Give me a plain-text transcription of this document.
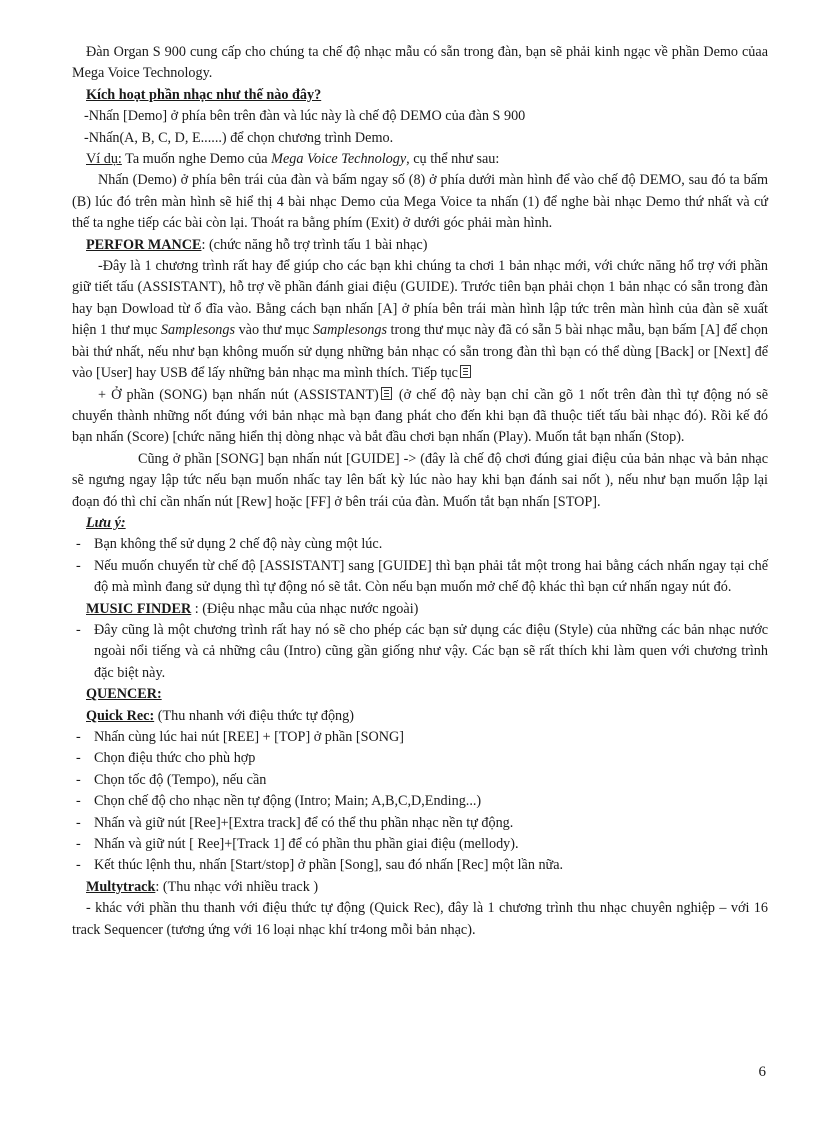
Đàn Organ S 900 cung cấp cho chúng ta chế độ nhạc mẫu có sẵn trong đàn, bạn sẽ phải kinh ngạc về phần Demo củaa Mega Voice Technology.

Kích hoạt phần nhạc như thế nào đây?

-Nhấn [Demo] ở phía bên trên đàn và lúc này là chế độ DEMO của đàn S 900

-Nhấn(A, B, C, D, E......) để chọn chương trình Demo.

Ví dụ: Ta muốn nghe Demo của Mega Voice Technology, cụ thể như sau:

Nhấn (Demo) ở phía bên trái của đàn và bấm ngay số (8) ở phía dưới màn hình để vào chế độ DEMO, sau đó ta bấm (B) lúc đó trên màn hình sẽ hiể thị 4 bài nhạc Demo của Mega Voice ta nhấn (1) để nghe bài nhạc Demo thứ nhất và cứ thế ta nghe tiếp các bài còn lại. Thoát ra bằng phím (Exit) ở dưới góc phải màn hình.

PERFOR MANCE: (chức năng hỗ trợ trình tấu 1 bài nhạc)

-Đây là 1 chương trình rất hay để giúp cho các bạn khi chúng ta chơi 1 bản nhạc mới, với chức năng hổ trợ với phần giữ tiết tấu (ASSISTANT), hỗ trợ về phần đánh giai điệu (GUIDE). Trước tiên bạn phải chọn 1 bản nhạc có sẵn trong đàn hay bạn Dowload từ ổ đĩa vào. Bằng cách bạn nhấn [A] ở phía bên trái màn hình lập tức trên màn hình của đàn sẽ xuất hiện 1 thư mục Samplesongs vào thư mục Samplesongs trong thư mục này đã có sẵn 5 bài nhạc mẫu, bạn bấm [A] để chọn bài thứ nhất, nếu như bạn không muốn sử dụng những bản nhạc có sẵn trong đàn thì bạn có thể dùng [Back] or [Next] để vào [User] hay USB để lấy những bản nhạc ma mình thích. Tiếp tục

+ Ở phần (SONG) bạn nhấn nút (ASSISTANT) (ở chế độ này bạn chỉ cần gõ 1 nốt trên đàn thì tự động nó sẽ chuyển thành những nốt đúng với bản nhạc mà bạn đang phát cho đến khi bạn đã thuộc tiết tấu bài nhạc đó). Rồi kế đó bạn nhấn (Score) [chức năng hiển thị dòng nhạc và bắt đầu chơi bạn nhấn (Play). Muốn tắt bạn nhấn (Stop).

Cũng ở phần [SONG] bạn nhấn nút [GUIDE] -> (đây là chế độ chơi đúng giai điệu của bản nhạc và bản nhạc sẽ ngưng ngay lập tức nếu bạn muốn nhấc tay lên bất kỳ lúc nào hay khi bạn đánh sai nốt ), nếu như bạn muốn lập lại đoạn đó thì chỉ cần nhấn nút [Rew] hoặc [FF] ở bên trái của đàn. Muốn tắt bạn nhấn [STOP].

Lưu ý:

- Bạn không thể sử dụng 2 chế độ này cùng một lúc.

- Nếu muốn chuyển từ chế độ [ASSISTANT] sang [GUIDE] thì bạn phải tắt một trong hai bằng cách nhấn ngay tại chế độ mà mình đang sử dụng thì tự động nó sẽ tắt. Còn nếu bạn muốn mở chế độ khác thì bạn cứ nhấn ngay nút đó.

MUSIC FINDER : (Điệu nhạc mẫu của nhạc nước ngoài)

- Đây cũng là một chương trình rất hay nó sẽ cho phép các bạn sử dụng các điệu (Style) của những các bản nhạc nước ngoài nổi tiếng và cả những câu (Intro) cũng gần giống như vậy. Các bạn sẽ rất thích khi làm quen với chương trình đặc biệt này.

QUENCER:

Quick Rec: (Thu nhanh với điệu thức tự động)

- Nhấn cùng lúc hai nút [REE] + [TOP] ở phần [SONG]

- Chọn điệu thức cho phù hợp

- Chọn tốc độ (Tempo), nếu cần

- Chọn chế độ cho nhạc nền tự động (Intro; Main; A,B,C,D,Ending...)

- Nhấn và giữ nút [Ree]+[Extra track] để có thể thu phần nhạc nền tự động.

- Nhấn và giữ nút [ Ree]+[Track 1] để có phần thu phần giai điệu (mellody).

- Kết thúc lệnh thu, nhấn [Start/stop] ở phần [Song], sau đó nhấn [Rec] một lần nữa.

Multytrack: (Thu nhạc với nhiều track )

- khác với phần thu thanh với điệu thức tự động (Quick Rec), đây là 1 chương trình thu nhạc chuyên nghiệp – với 16 track Sequencer (tương ứng với 16 loại nhạc khí tr4ong mỗi bản nhạc).

6
